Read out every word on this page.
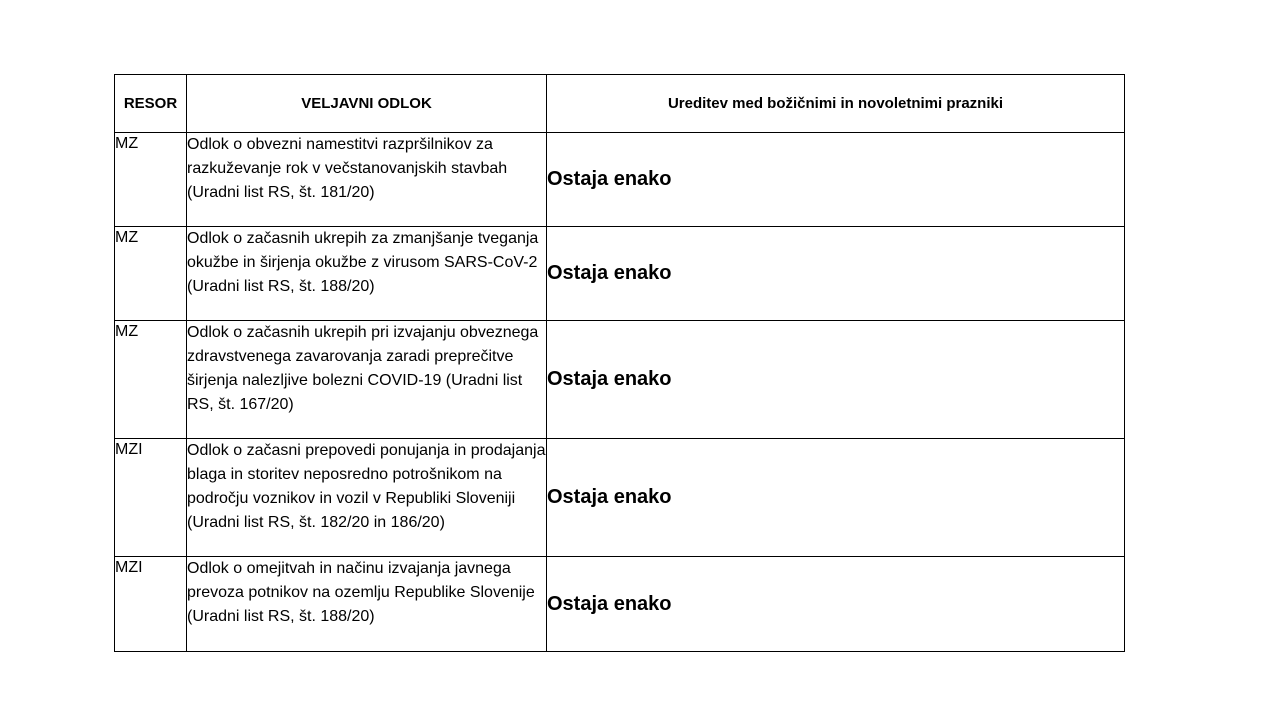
RESOR	VELJAVNI ODLOK	Ureditev med božičnimi in novoletnimi prazniki
MZ	Odlok o obvezni namestitvi razpršilnikov za razkuževanje rok v večstanovanjskih stavbah (Uradni list RS, št. 181/20)	Ostaja enako
MZ	Odlok o začasnih ukrepih za zmanjšanje tveganja okužbe in širjenja okužbe z virusom SARS-CoV-2 (Uradni list RS, št. 188/20)	Ostaja enako
MZ	Odlok o začasnih ukrepih pri izvajanju obveznega zdravstvenega zavarovanja zaradi preprečitve širjenja nalezljive bolezni COVID-19 (Uradni list RS, št. 167/20)	Ostaja enako
MZI	Odlok o začasni prepovedi ponujanja in prodajanja blaga in storitev neposredno potrošnikom na področju voznikov in vozil v Republiki Sloveniji (Uradni list RS, št. 182/20 in 186/20)	Ostaja enako
MZI	Odlok o omejitvah in načinu izvajanja javnega prevoza potnikov na ozemlju Republike Slovenije (Uradni list RS, št. 188/20)	Ostaja enako
